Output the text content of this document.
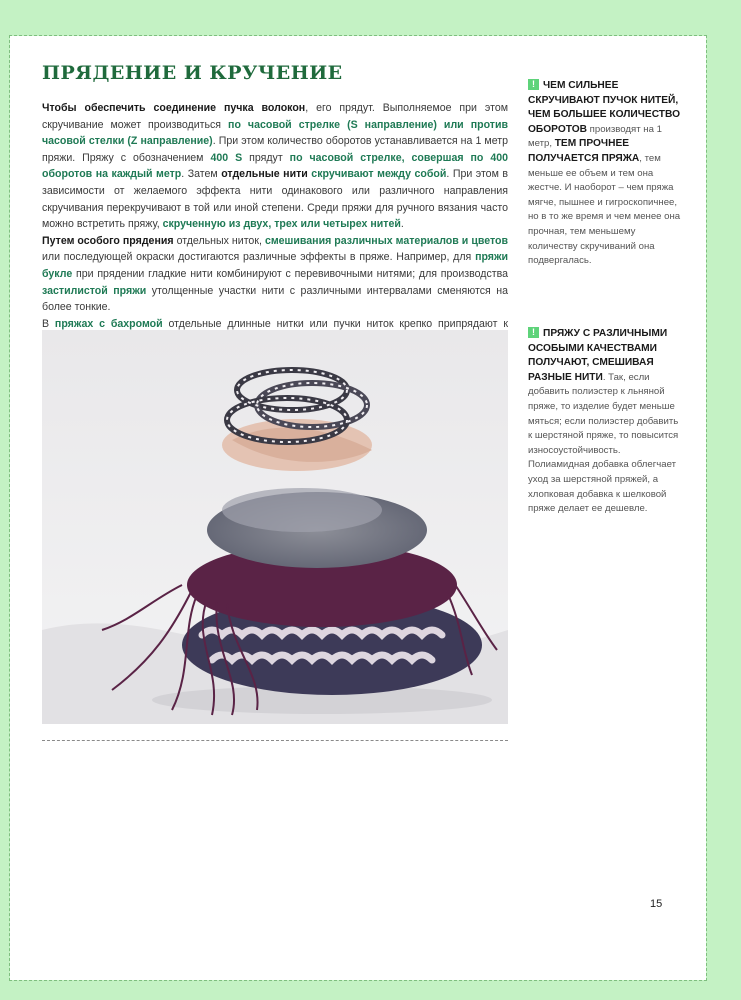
ПРЯДЕНИЕ И КРУЧЕНИЕ

Чтобы обеспечить соединение пучка волокон, его прядут. Выполняемое при этом скручивание может производиться по часовой стрелке (S направление) или против часовой стелки (Z направление). При этом количество оборотов устанавливается на 1 метр пряжи. Пряжу с обозначением 400 S прядут по часовой стрелке, совершая по 400 оборотов на каждый метр. Затем отдельные нити скручивают между собой. При этом в зависимости от желаемого эффекта нити одинакового или различного направления скручивания перекручивают в той или иной степени. Среди пряжи для ручного вязания часто можно встретить пряжу, скрученную из двух, трех или четырех нитей.

Путем особого прядения отдельных ниток, смешивания различных материалов и цветов или последующей окраски достигаются различные эффекты в пряже. Например, для пряжи букле при прядении гладкие нити комбинируют с перевивочными нитями; для производства застилистой пряжи утолщенные участки нити с различными интервалами сменяются на более тонкие.

В пряжах с бахромой отдельные длинные нитки или пучки ниток крепко припрядают к

! ЧЕМ СИЛЬНЕЕ СКРУЧИВАЮТ ПУЧОК НИТЕЙ, ЧЕМ БОЛЬШЕЕ КОЛИЧЕСТВО ОБОРОТОВ производят на 1 метр, ТЕМ ПРОЧНЕЕ ПОЛУЧАЕТСЯ ПРЯЖА, тем меньше ее объем и тем она жестче. И наоборот – чем пряжа мягче, пышнее и гигроскопичнее, но в то же время и чем менее она прочная, тем меньшему количеству скручиваний она подвергалась.
! ПРЯЖУ С РАЗЛИЧНЫМИ ОСОБЫМИ КАЧЕСТВАМИ ПОЛУЧАЮТ, СМЕШИВАЯ РАЗНЫЕ НИТИ. Так, если добавить полиэстер к льняной пряже, то изделие будет меньше мяться; если полиэстер добавить к шерстяной пряже, то повысится износоустойчивость. Полиамидная добавка облегчает уход за шерстяной пряжей, а хлопковая добавка к шелковой пряже делает ее дешевле.
15
